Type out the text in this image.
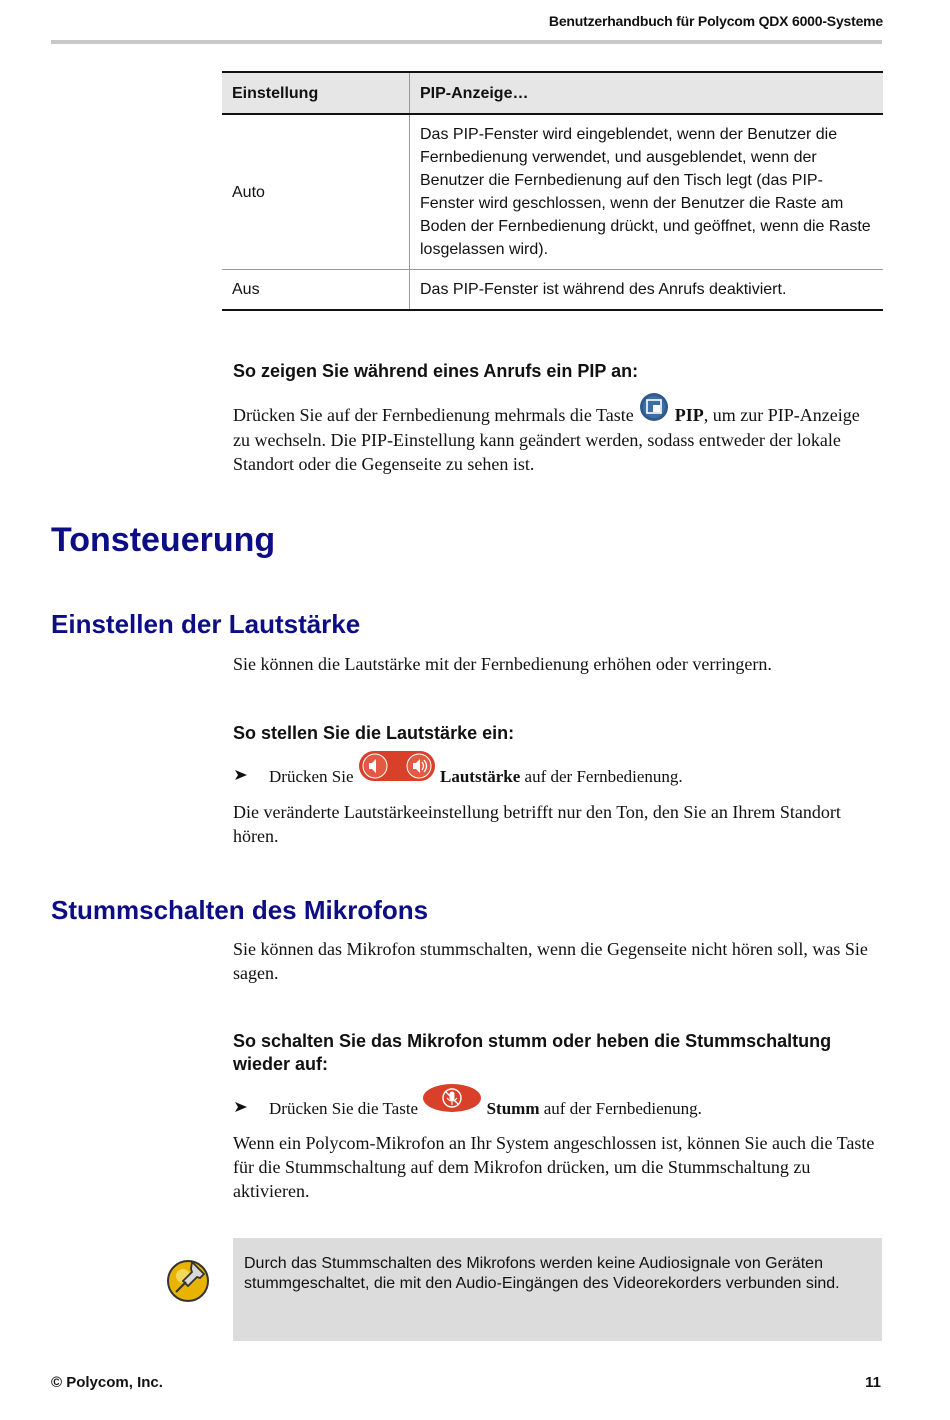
Benutzerhandbuch für Polycom QDX 6000-Systeme
Einstellung	PIP-Anzeige…
Auto	Das PIP-Fenster wird eingeblendet, wenn der Benutzer die Fernbedienung verwendet, und ausgeblendet, wenn der Benutzer die Fernbedienung auf den Tisch legt (das PIP-Fenster wird geschlossen, wenn der Benutzer die Raste am Boden der Fernbedienung drückt, und geöffnet, wenn die Raste losgelassen wird).
Aus	Das PIP-Fenster ist während des Anrufs deaktiviert.
So zeigen Sie während eines Anrufs ein PIP an:
Drücken Sie auf der Fernbedienung mehrmals die Taste PIP, um zur PIP-Anzeige zu wechseln. Die PIP-Einstellung kann geändert werden, sodass entweder der lokale Standort oder die Gegenseite zu sehen ist.
Tonsteuerung
Einstellen der Lautstärke
Sie können die Lautstärke mit der Fernbedienung erhöhen oder verringern.
So stellen Sie die Lautstärke ein:
Drücken Sie	Lautstärke auf der Fernbedienung.
Die veränderte Lautstärkeeinstellung betrifft nur den Ton, den Sie an Ihrem Standort hören.
Stummschalten des Mikrofons
Sie können das Mikrofon stummschalten, wenn die Gegenseite nicht hören soll, was Sie sagen.
So schalten Sie das Mikrofon stumm oder heben die Stummschaltung wieder auf:
Drücken Sie die Taste	Stumm auf der Fernbedienung.
Wenn ein Polycom-Mikrofon an Ihr System angeschlossen ist, können Sie auch die Taste für die Stummschaltung auf dem Mikrofon drücken, um die Stummschaltung zu aktivieren.
Durch das Stummschalten des Mikrofons werden keine Audiosignale von Geräten stummgeschaltet, die mit den Audio-Eingängen des Videorekorders verbunden sind.
© Polycom, Inc.	11
